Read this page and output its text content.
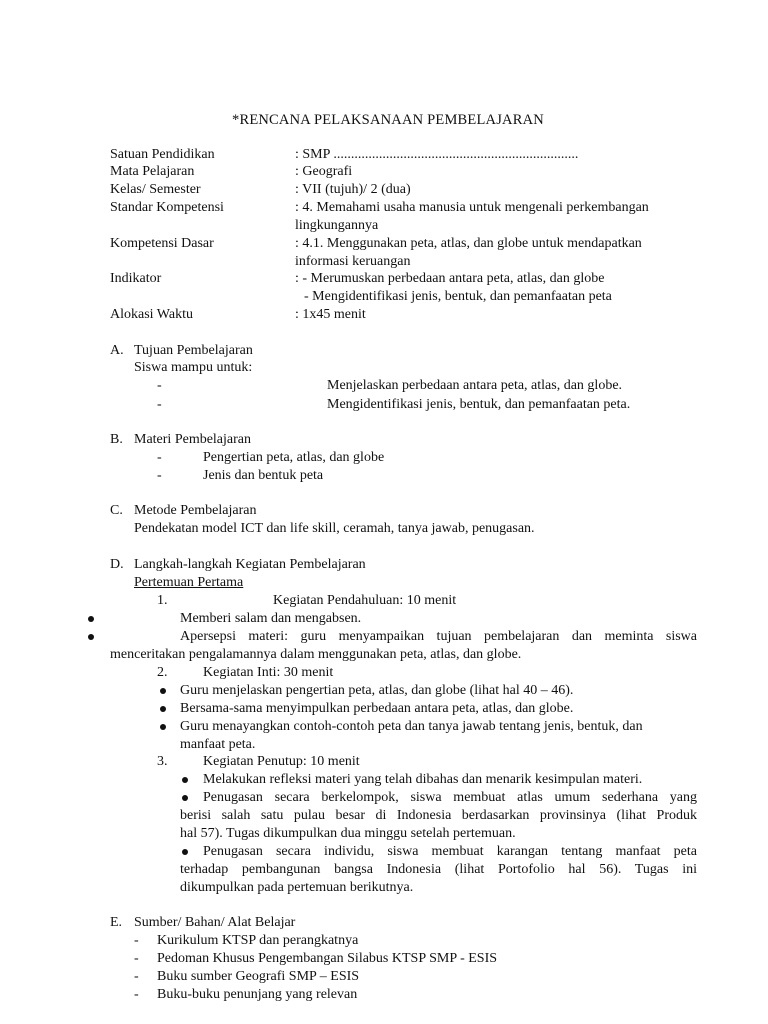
*RENCANA PELAKSANAAN PEMBELAJARAN
Satuan Pendidikan	: SMP ......................................................................
Mata Pelajaran	: Geografi
Kelas/ Semester	: VII (tujuh)/ 2 (dua)
Standar Kompetensi	: 4. Memahami usaha manusia untuk mengenali perkembangan
lingkungannya
Kompetensi Dasar	: 4.1. Menggunakan peta, atlas, dan globe untuk mendapatkan
informasi keruangan
Indikator	: - Merumuskan perbedaan antara peta, atlas, dan globe
- Mengidentifikasi jenis, bentuk, dan pemanfaatan peta
Alokasi Waktu	: 1x45 menit
A. Tujuan Pembelajaran
Siswa mampu untuk:
-	Menjelaskan perbedaan antara peta, atlas, dan globe.
-	Mengidentifikasi jenis, bentuk, dan pemanfaatan peta.
B. Materi Pembelajaran
-	Pengertian peta, atlas, dan globe
-	Jenis dan bentuk peta
C. Metode Pembelajaran
Pendekatan model ICT dan life skill, ceramah, tanya jawab, penugasan.
D. Langkah-langkah Kegiatan Pembelajaran
Pertemuan Pertama
1.	Kegiatan Pendahuluan: 10 menit
Memberi salam dan mengabsen.
Apersepsi materi: guru menyampaikan tujuan pembelajaran dan meminta siswa
menceritakan pengalamannya dalam menggunakan peta, atlas, dan globe.
2.	Kegiatan Inti: 30 menit
Guru menjelaskan pengertian peta, atlas, dan globe (lihat hal 40 – 46).
Bersama-sama menyimpulkan perbedaan antara peta, atlas, dan globe.
Guru menayangkan contoh-contoh peta dan tanya jawab tentang jenis, bentuk, dan
manfaat peta.
3.	Kegiatan Penutup: 10 menit
Melakukan refleksi materi yang telah dibahas dan menarik kesimpulan materi.
Penugasan secara berkelompok, siswa membuat atlas umum sederhana yang
berisi salah satu pulau besar di Indonesia berdasarkan provinsinya (lihat Produk
hal 57). Tugas dikumpulkan dua minggu setelah pertemuan.
Penugasan secara individu, siswa membuat karangan tentang manfaat peta
terhadap pembangunan bangsa Indonesia (lihat Portofolio hal 56). Tugas ini
dikumpulkan pada pertemuan berikutnya.
E. Sumber/ Bahan/ Alat Belajar
- Kurikulum KTSP dan perangkatnya
- Pedoman Khusus Pengembangan Silabus KTSP SMP - ESIS
- Buku sumber Geografi SMP – ESIS
- Buku-buku penunjang yang relevan
